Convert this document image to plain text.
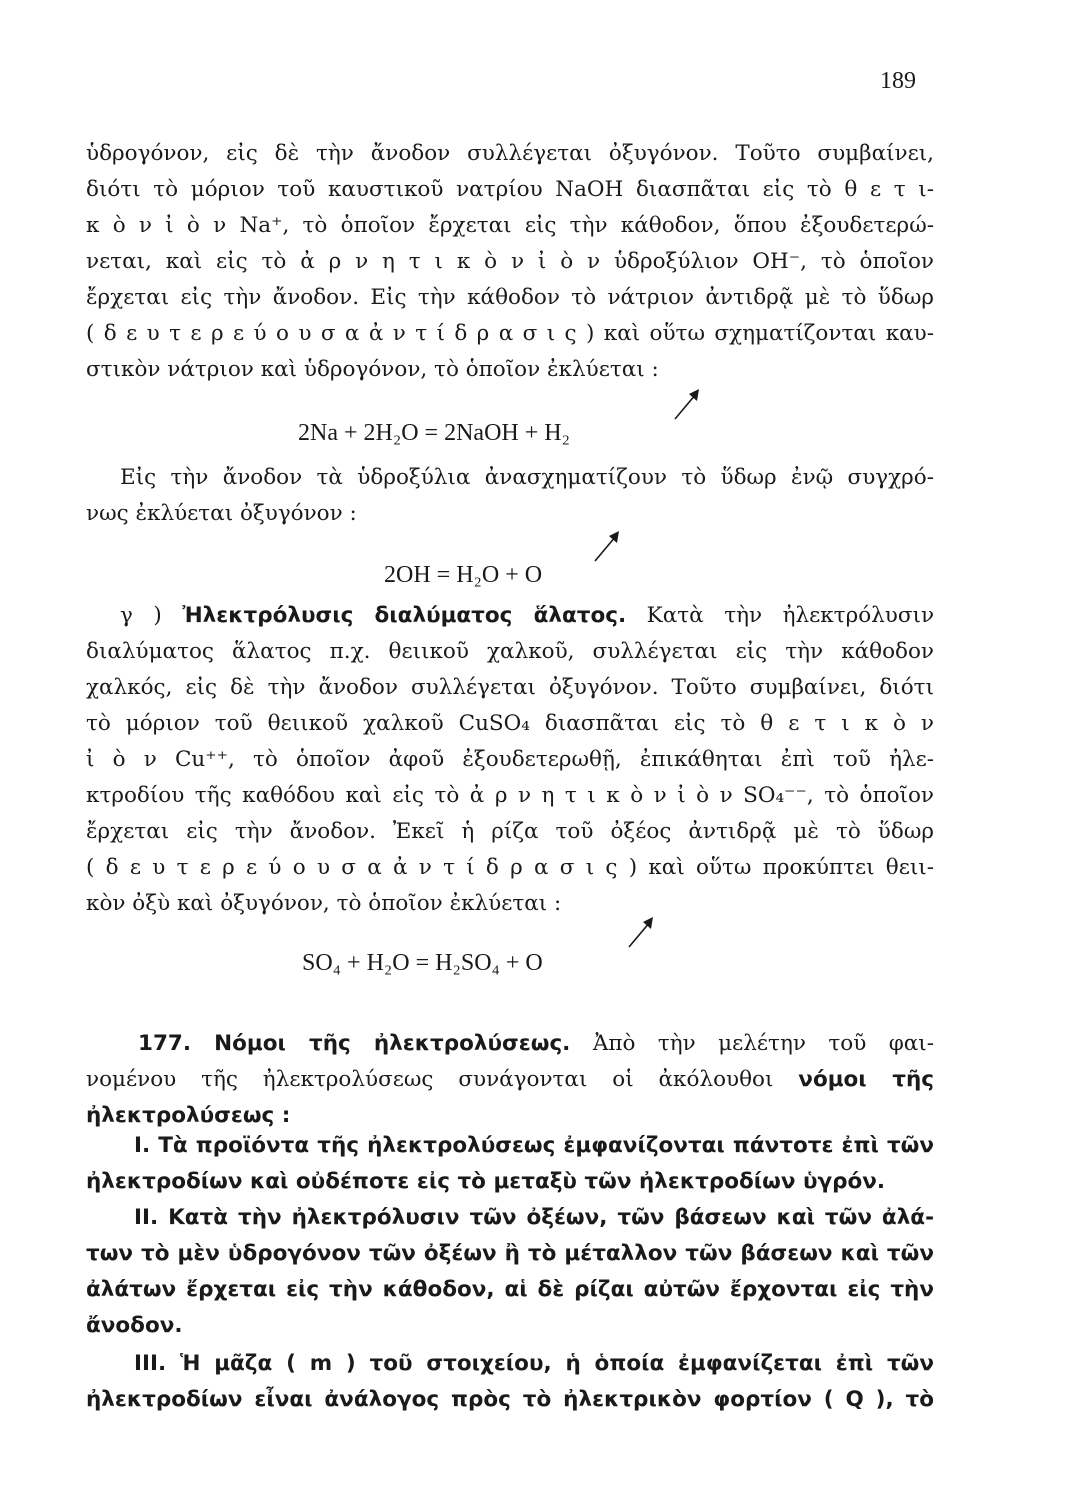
189
ὑδρογόνον, εἰς δὲ τὴν ἄνοδον συλλέγεται ὀξυγόνον. Τοῦτο συμβαίνει,
διότι τὸ μόριον τοῦ καυστικοῦ νατρίου NaOH διασπᾶται εἰς τὸ θ ε τ ι-
κ ὸ ν ἰ ὸ ν Na⁺, τὸ ὁποῖον ἔρχεται εἰς τὴν κάθοδον, ὅπου ἐξουδετερώ-
νεται, καὶ εἰς τὸ ἀ ρ ν η τ ι κ ὸ ν ἰ ὸ ν ὑδροξύλιον OH⁻, τὸ ὁποῖον
ἔρχεται εἰς τὴν ἄνοδον. Εἰς τὴν κάθοδον τὸ νάτριον ἀντιδρᾷ μὲ τὸ ὕδωρ
( δ ε υ τ ε ρ ε ύ ο υ σ α ἀ ν τ ί δ ρ α σ ι ς ) καὶ οὕτω σχηματίζονται καυ-
στικὸν νάτριον καὶ ὑδρογόνον, τὸ ὁποῖον ἐκλύεται :
2Na + 2H₂O = 2NaOH + H₂
Εἰς τὴν ἄνοδον τὰ ὑδροξύλια ἀνασχηματίζουν τὸ ὕδωρ ἐνῷ συγχρό-
νως ἐκλύεται ὀξυγόνον :
2OH = H₂O + O
γ ) Ἠλεκτρόλυσις διαλύματος ἅλατος. Κατὰ τὴν ἠλεκτρόλυσιν
διαλύματος ἅλατος π.χ. θειικοῦ χαλκοῦ, συλλέγεται εἰς τὴν κάθοδον
χαλκός, εἰς δὲ τὴν ἄνοδον συλλέγεται ὀξυγόνον. Τοῦτο συμβαίνει, διότι
τὸ μόριον τοῦ θειικοῦ χαλκοῦ CuSO₄ διασπᾶται εἰς τὸ θ ε τ ι κ ὸ ν
ἰ ὸ ν Cu⁺⁺, τὸ ὁποῖον ἀφοῦ ἐξουδετερωθῇ, ἐπικάθηται ἐπὶ τοῦ ἠλε-
κτροδίου τῆς καθόδου καὶ εἰς τὸ ἀ ρ ν η τ ι κ ὸ ν ἰ ὸ ν SO₄⁻⁻, τὸ ὁποῖον
ἔρχεται εἰς τὴν ἄνοδον. Ἐκεῖ ἡ ρίζα τοῦ ὀξέος ἀντιδρᾷ μὲ τὸ ὕδωρ
( δ ε υ τ ε ρ ε ύ ο υ σ α ἀ ν τ ί δ ρ α σ ι ς ) καὶ οὕτω προκύπτει θειι-
κὸν ὀξὺ καὶ ὀξυγόνον, τὸ ὁποῖον ἐκλύεται :
SO₄ + H₂O = H₂SO₄ + O
177. Νόμοι τῆς ἠλεκτρολύσεως. Ἀπὸ τὴν μελέτην τοῦ φαι-
νομένου τῆς ἠλεκτρολύσεως συνάγονται οἱ ἀκόλουθοι νόμοι τῆς
ἠλεκτρολύσεως :
I. Τὰ προϊόντα τῆς ἠλεκτρολύσεως ἐμφανίζονται πάντοτε ἐπὶ τῶν
ἠλεκτροδίων καὶ οὐδέποτε εἰς τὸ μεταξὺ τῶν ἠλεκτροδίων ὑγρόν.
II. Κατὰ τὴν ἠλεκτρόλυσιν τῶν ὀξέων, τῶν βάσεων καὶ τῶν ἀλά-
των τὸ μὲν ὑδρογόνον τῶν ὀξέων ἢ τὸ μέταλλον τῶν βάσεων καὶ τῶν
ἀλάτων ἔρχεται εἰς τὴν κάθοδον, αἱ δὲ ρίζαι αὐτῶν ἔρχονται εἰς τὴν
ἄνοδον.
III. Ἡ μᾶζα ( m ) τοῦ στοιχείου, ἡ ὁποία ἐμφανίζεται ἐπὶ τῶν
ἠλεκτροδίων εἶναι ἀνάλογος πρὸς τὸ ἠλεκτρικὸν φορτίον ( Q ), τὸ
